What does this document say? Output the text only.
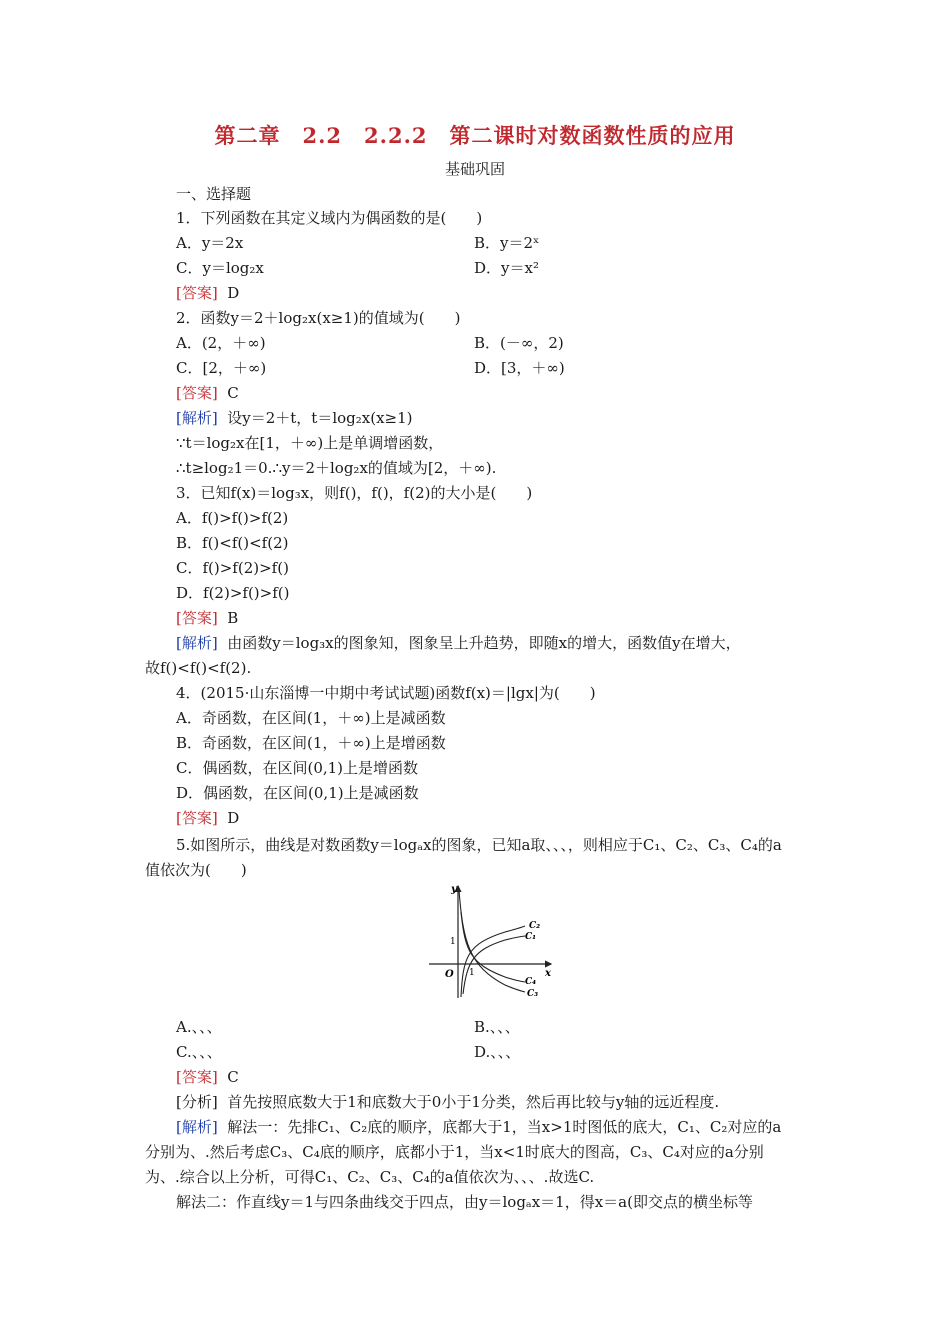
第二章　2.2　2.2.2　第二课时对数函数性质的应用
基础巩固
一、选择题
1．下列函数在其定义域内为偶函数的是(　　)
A．y＝2x	B．y＝2ˣ
C．y＝log₂x	D．y＝x²
[答案] D
2．函数y＝2＋log₂x(x≥1)的值域为(　　)
A．(2，＋∞)	B．(－∞，2)
C．[2，＋∞)	D．[3，＋∞)
[答案] C
[解析] 设y＝2＋t，t＝log₂x(x≥1)
∵t＝log₂x在[1，＋∞)上是单调增函数，
∴t≥log₂1＝0.∴y＝2＋log₂x的值域为[2，＋∞).
3．已知f(x)＝log₃x，则f()，f()，f(2)的大小是(　　)
A．f()>f()>f(2)
B．f()<f()<f(2)
C．f()>f(2)>f()
D．f(2)>f()>f()
[答案] B
[解析] 由函数y＝log₃x的图象知，图象呈上升趋势，即随x的增大，函数值y在增大，
故f()<f()<f(2).
4．(2015·山东淄博一中期中考试试题)函数f(x)＝|lgx|为(　　)
A．奇函数，在区间(1，＋∞)上是减函数
B．奇函数，在区间(1，＋∞)上是增函数
C．偶函数，在区间(0,1)上是增函数
D．偶函数，在区间(0,1)上是减函数
[答案] D
5.如图所示，曲线是对数函数y＝logₐx的图象，已知a取、、、，则相应于C₁、C₂、C₃、C₄的a
值依次为(　　)
y
x
O
1
1
C₂
C₁
C₄
C₃
A.、、、	B.、、、
C.、、、	D.、、、
[答案] C
[分析] 首先按照底数大于1和底数大于0小于1分类，然后再比较与y轴的远近程度.
[解析] 解法一：先排C₁、C₂底的顺序，底都大于1，当x>1时图低的底大，C₁、C₂对应的a
分别为、.然后考虑C₃、C₄底的顺序，底都小于1，当x<1时底大的图高，C₃、C₄对应的a分别
为、.综合以上分析，可得C₁、C₂、C₃、C₄的a值依次为、、、.故选C.
解法二：作直线y＝1与四条曲线交于四点，由y＝logₐx＝1，得x＝a(即交点的横坐标等
